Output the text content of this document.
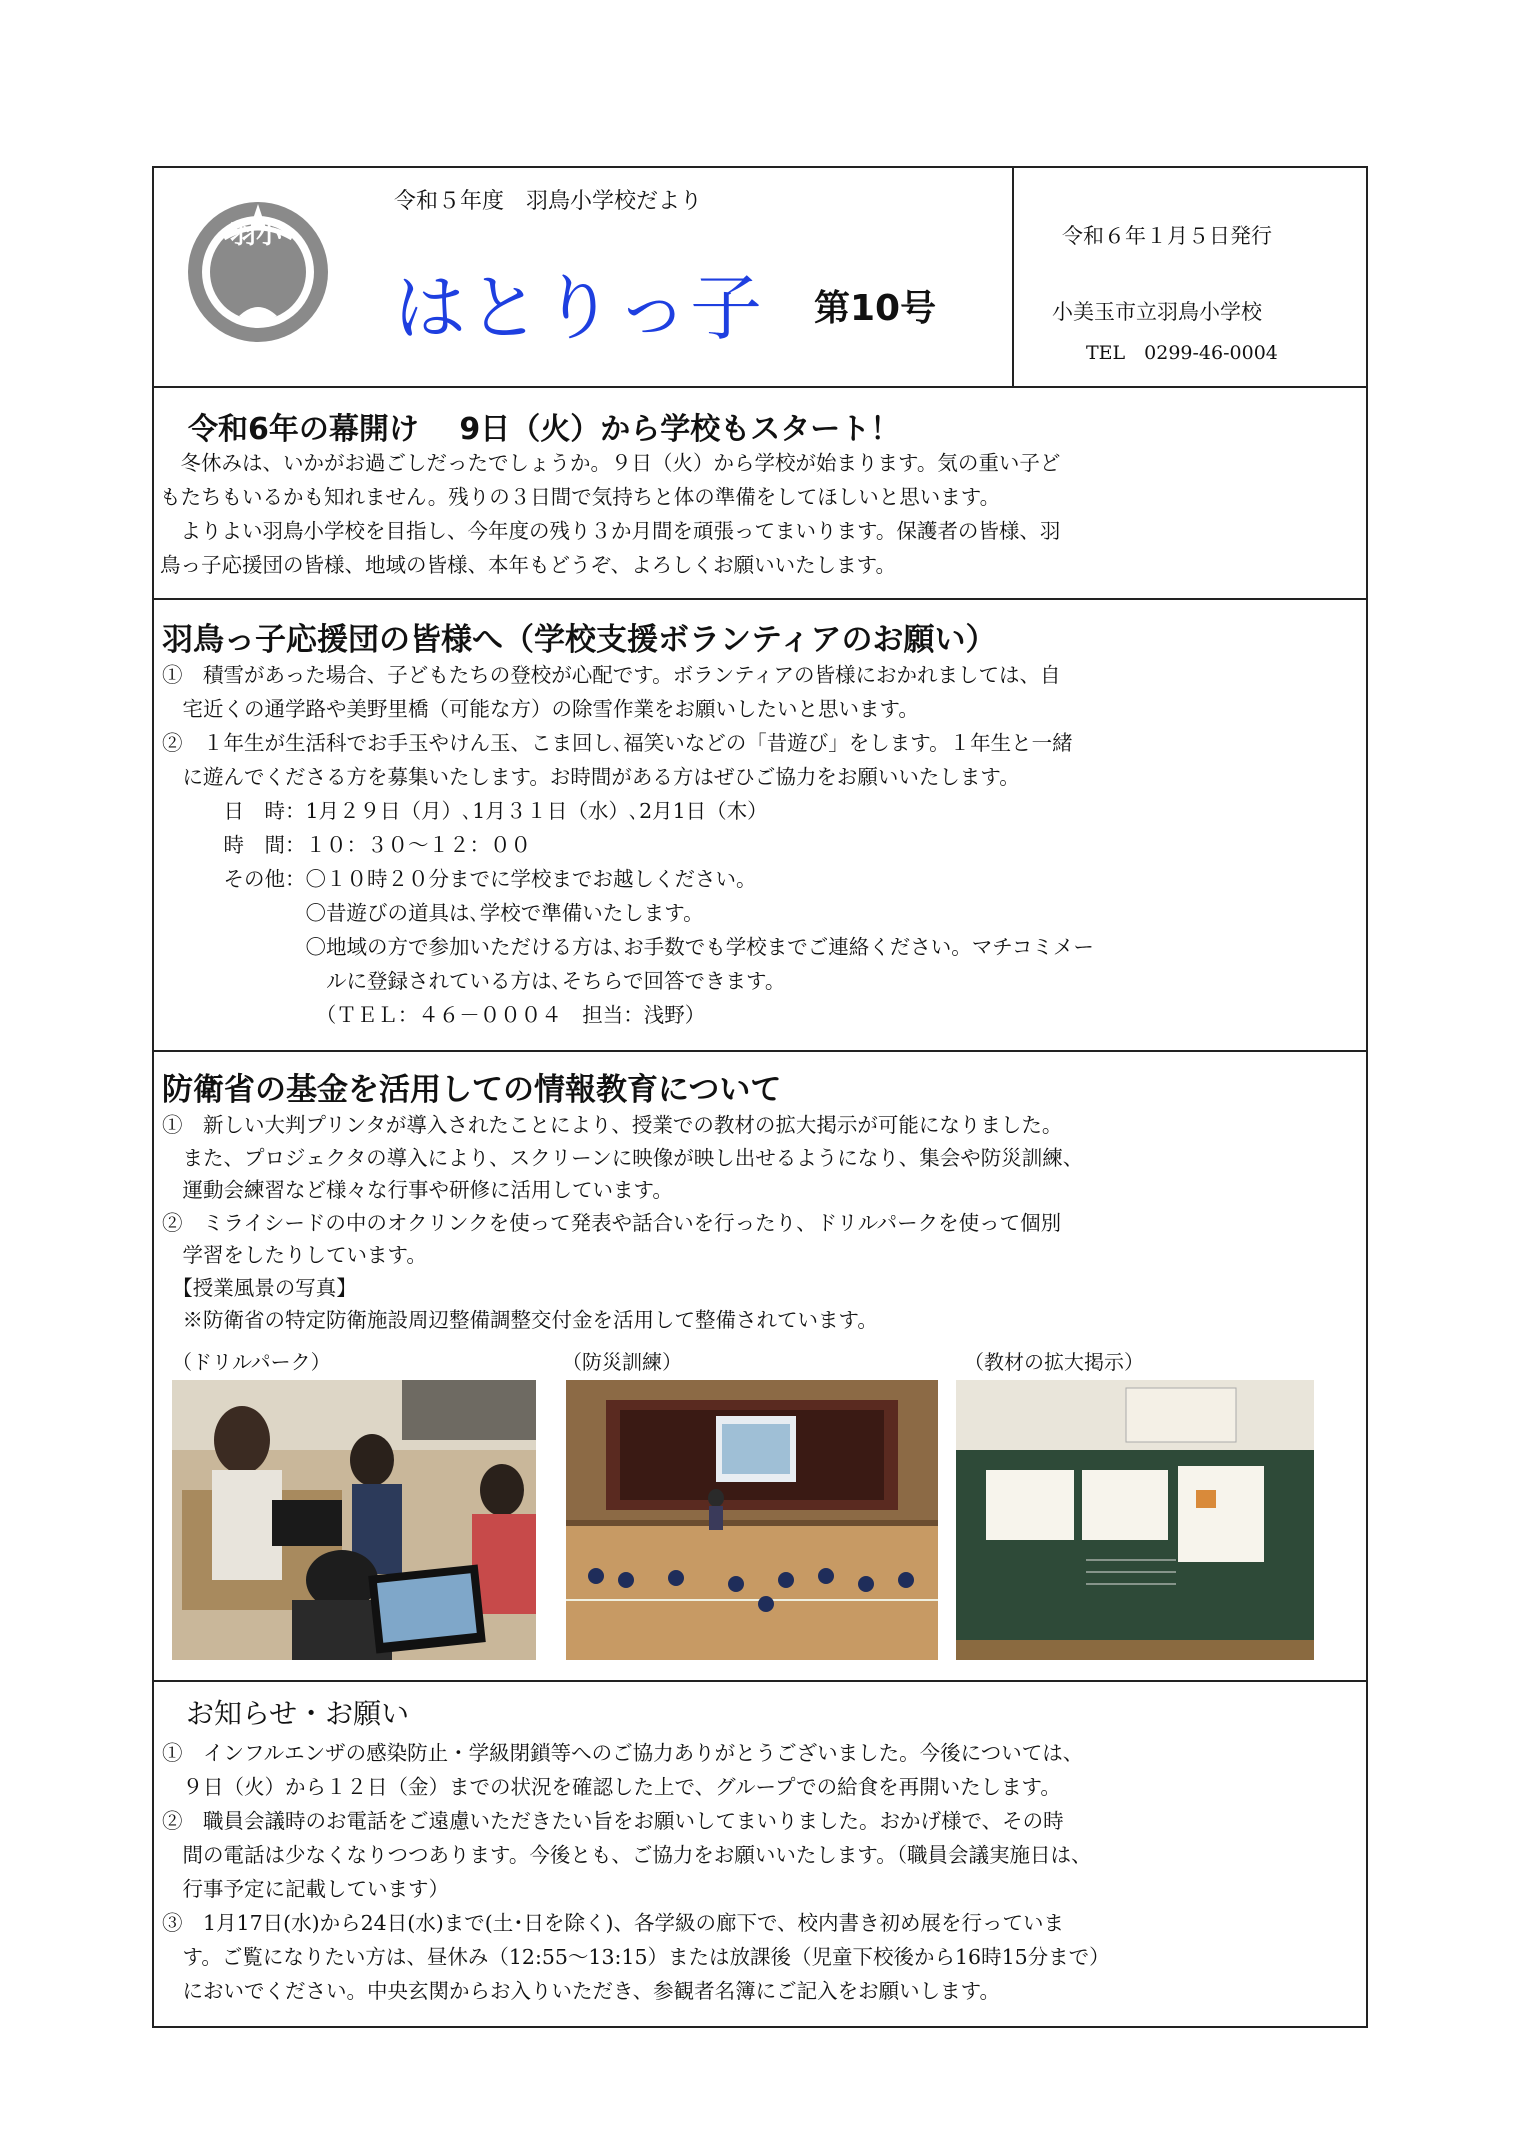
羽小
令和５年度　羽鳥小学校だより
はとりっ子 第10号
令和６年１月５日発行
小美玉市立羽鳥小学校
TEL　0299-46-0004
令和6年の幕開け　 9日（火）から学校もスタート！
　冬休みは、いかがお過ごしだったでしょうか。９日（火）から学校が始まります。気の重い子ど
もたちもいるかも知れません。残りの３日間で気持ちと体の準備をしてほしいと思います。
　よりよい羽鳥小学校を目指し、今年度の残り３か月間を頑張ってまいります。保護者の皆様、羽
鳥っ子応援団の皆様、地域の皆様、本年もどうぞ、よろしくお願いいたします。
羽鳥っ子応援団の皆様へ（学校支援ボランティアのお願い）
①　積雪があった場合、子どもたちの登校が心配です。ボランティアの皆様におかれましては、自
　宅近くの通学路や美野里橋（可能な方）の除雪作業をお願いしたいと思います。
②　１年生が生活科でお手玉やけん玉、こま回し､福笑いなどの「昔遊び」をします。１年生と一緒
　に遊んでくださる方を募集いたします。お時間がある方はぜひご協力をお願いいたします。
　　　日　時：1月２９日（月）､1月３１日（水）､2月1日（木）
　　　時　間：１０：３０～１２：００
　　　その他：〇１０時２０分までに学校までお越しください。
　　　　　　　〇昔遊びの道具は､学校で準備いたします。
　　　　　　　〇地域の方で参加いただける方は､お手数でも学校までご連絡ください。マチコミメー
　　　　　　　　ルに登録されている方は､そちらで回答できます。
　　　　　　　　（ＴＥＬ：４６－０００４　担当：浅野）
防衛省の基金を活用しての情報教育について
①　新しい大判プリンタが導入されたことにより、授業での教材の拡大掲示が可能になりました。
　また、プロジェクタの導入により、スクリーンに映像が映し出せるようになり、集会や防災訓練、
　運動会練習など様々な行事や研修に活用しています。
②　ミライシードの中のオクリンクを使って発表や話合いを行ったり、ドリルパークを使って個別
　学習をしたりしています。
　【授業風景の写真】
　※防衛省の特定防衛施設周辺整備調整交付金を活用して整備されています。
（ドリルパーク）	（防災訓練）	（教材の拡大掲示）
お知らせ・お願い
①　インフルエンザの感染防止・学級閉鎖等へのご協力ありがとうございました。今後については、
　９日（火）から１２日（金）までの状況を確認した上で、グループでの給食を再開いたします。
②　職員会議時のお電話をご遠慮いただきたい旨をお願いしてまいりました。おかげ様で、その時
　間の電話は少なくなりつつあります。今後とも、ご協力をお願いいたします。（職員会議実施日は、
　行事予定に記載しています）
③　1月17日(水)から24日(水)まで(土･日を除く)、各学級の廊下で、校内書き初め展を行っていま
　す。ご覧になりたい方は、昼休み（12:55～13:15）または放課後（児童下校後から16時15分まで）
　においでください。中央玄関からお入りいただき、参観者名簿にご記入をお願いします。
